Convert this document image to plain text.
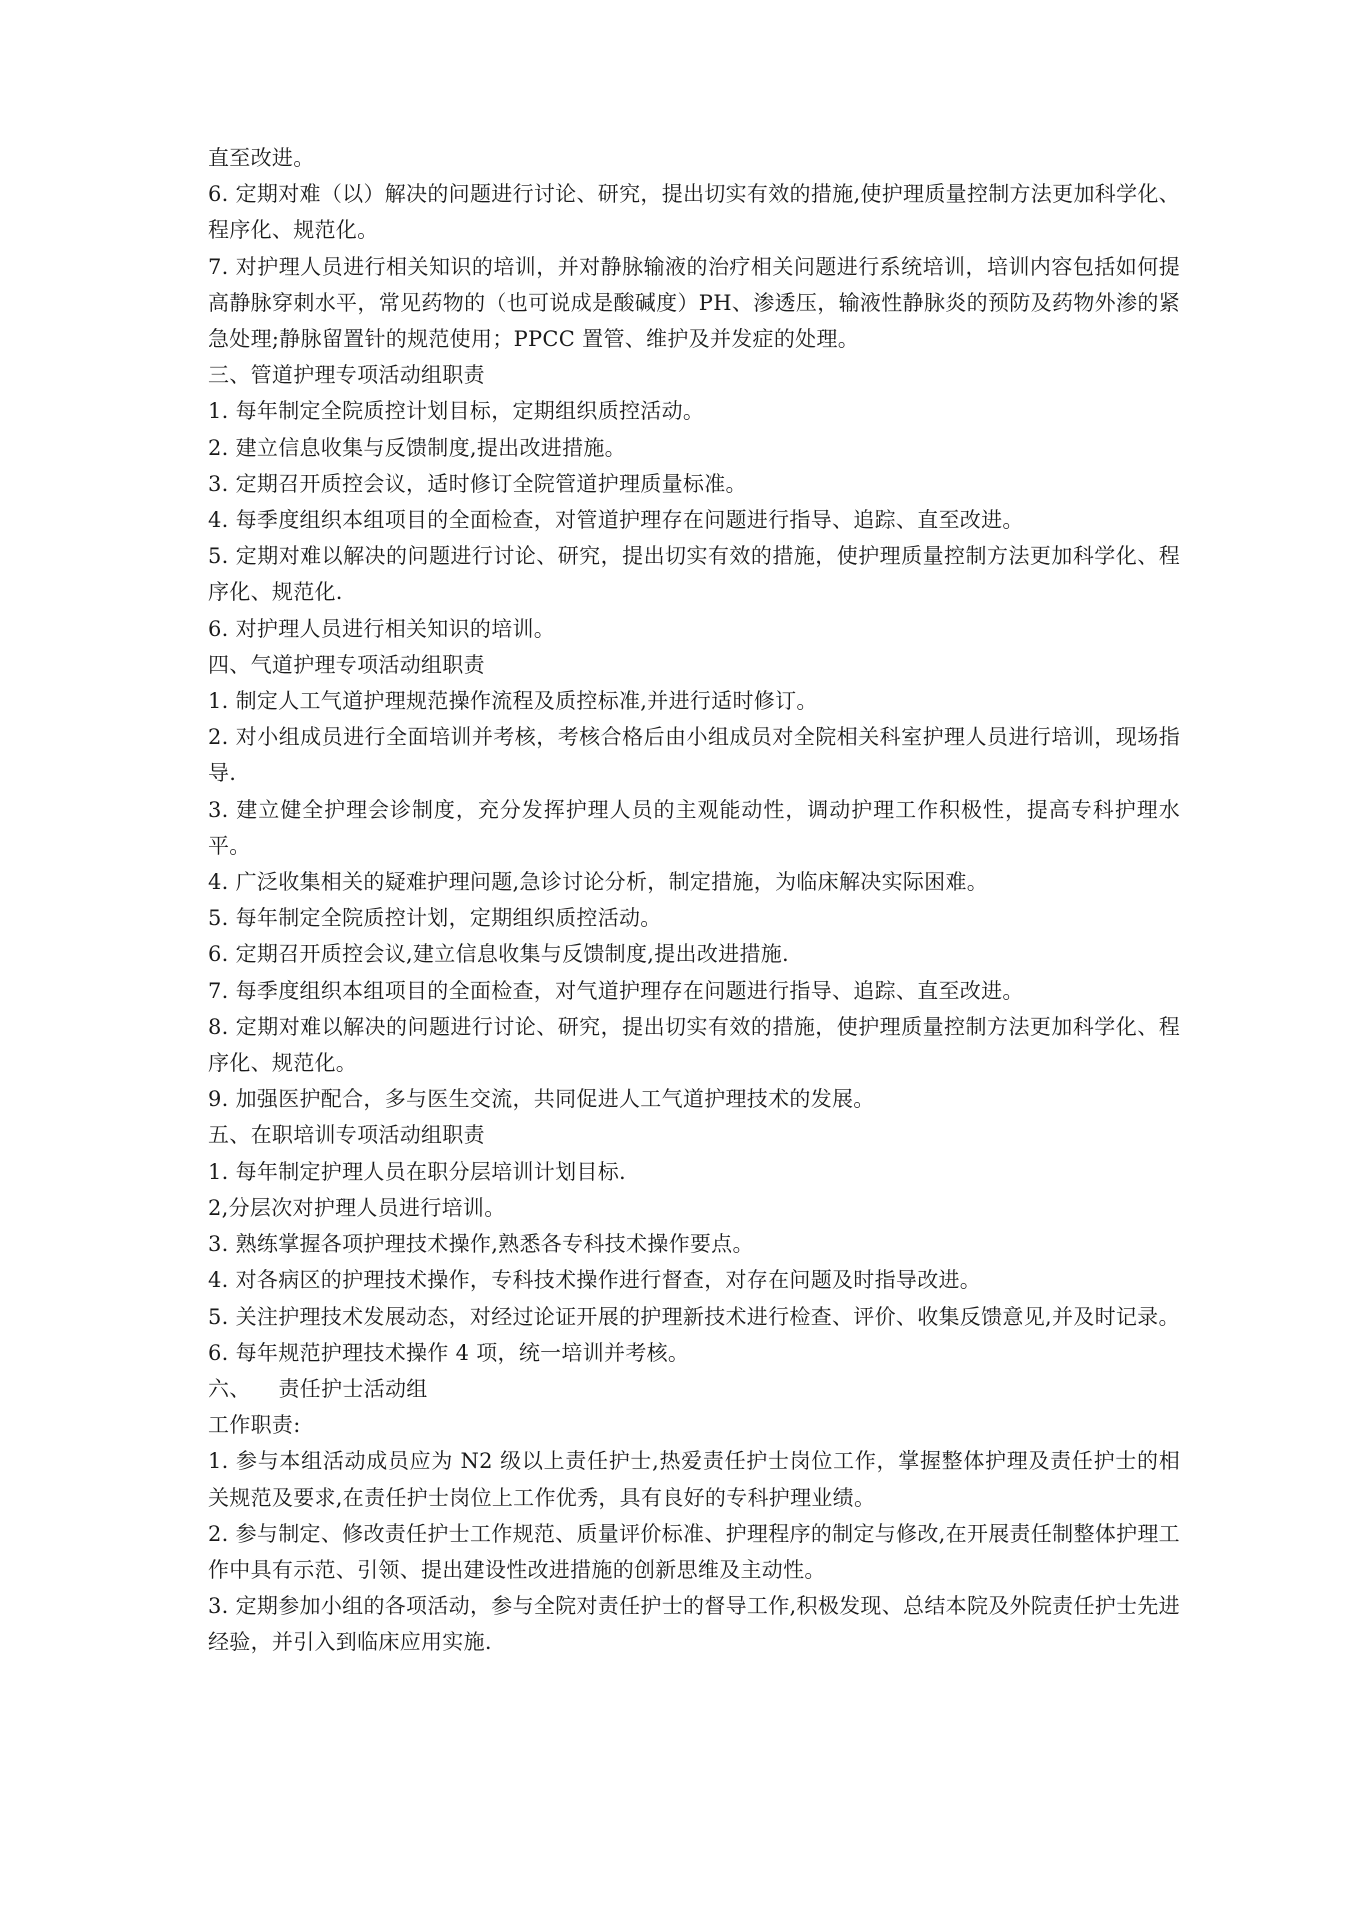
直至改进。
6. 定期对难（以）解决的问题进行讨论、研究，提出切实有效的措施,使护理质量控制方法更加科学化、程序化、规范化。
7. 对护理人员进行相关知识的培训，并对静脉输液的治疗相关问题进行系统培训，培训内容包括如何提高静脉穿刺水平，常见药物的（也可说成是酸碱度）PH、渗透压，输液性静脉炎的预防及药物外渗的紧急处理;静脉留置针的规范使用；PPCC 置管、维护及并发症的处理。
三、管道护理专项活动组职责
1. 每年制定全院质控计划目标，定期组织质控活动。
2. 建立信息收集与反馈制度,提出改进措施。
3. 定期召开质控会议，适时修订全院管道护理质量标准。
4. 每季度组织本组项目的全面检查，对管道护理存在问题进行指导、追踪、直至改进。
5. 定期对难以解决的问题进行讨论、研究，提出切实有效的措施，使护理质量控制方法更加科学化、程序化、规范化.
6. 对护理人员进行相关知识的培训。
四、气道护理专项活动组职责
1. 制定人工气道护理规范操作流程及质控标准,并进行适时修订。
2. 对小组成员进行全面培训并考核，考核合格后由小组成员对全院相关科室护理人员进行培训，现场指导.
3. 建立健全护理会诊制度，充分发挥护理人员的主观能动性，调动护理工作积极性，提高专科护理水平。
4. 广泛收集相关的疑难护理问题,急诊讨论分析，制定措施，为临床解决实际困难。
5. 每年制定全院质控计划，定期组织质控活动。
6. 定期召开质控会议,建立信息收集与反馈制度,提出改进措施.
7. 每季度组织本组项目的全面检查，对气道护理存在问题进行指导、追踪、直至改进。
8. 定期对难以解决的问题进行讨论、研究，提出切实有效的措施，使护理质量控制方法更加科学化、程序化、规范化。
9. 加强医护配合，多与医生交流，共同促进人工气道护理技术的发展。
五、在职培训专项活动组职责
1. 每年制定护理人员在职分层培训计划目标.
2,分层次对护理人员进行培训。
3. 熟练掌握各项护理技术操作,熟悉各专科技术操作要点。
4. 对各病区的护理技术操作，专科技术操作进行督查，对存在问题及时指导改进。
5. 关注护理技术发展动态，对经过论证开展的护理新技术进行检查、评价、收集反馈意见,并及时记录。
6. 每年规范护理技术操作 4 项，统一培训并考核。
六、    责任护士活动组
工作职责:
1. 参与本组活动成员应为 N2 级以上责任护士,热爱责任护士岗位工作，掌握整体护理及责任护士的相关规范及要求,在责任护士岗位上工作优秀，具有良好的专科护理业绩。
2. 参与制定、修改责任护士工作规范、质量评价标准、护理程序的制定与修改,在开展责任制整体护理工作中具有示范、引领、提出建设性改进措施的创新思维及主动性。
3. 定期参加小组的各项活动，参与全院对责任护士的督导工作,积极发现、总结本院及外院责任护士先进经验，并引入到临床应用实施.
